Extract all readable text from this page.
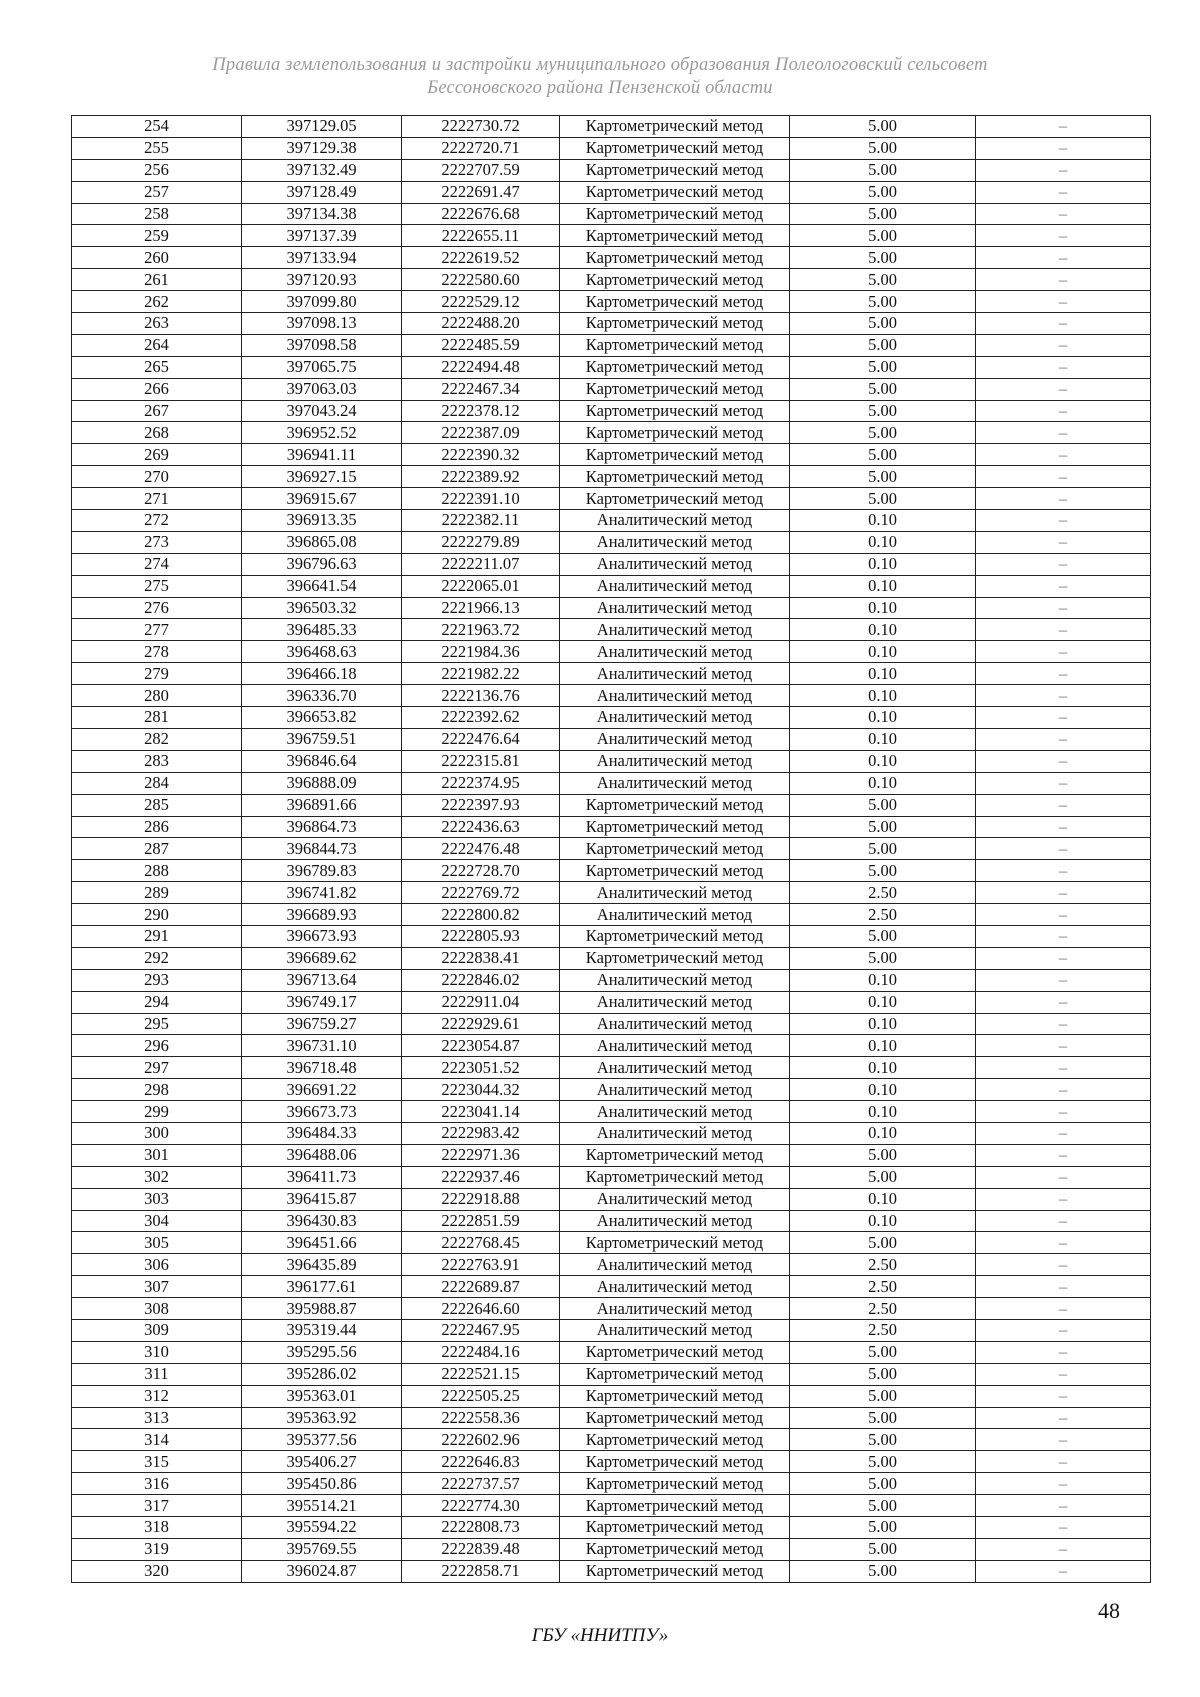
Правила землепользования и застройки муниципального образования Полеологовский сельсовет
Бессоновского района Пензенской области
254	397129.05	2222730.72	Картометрический метод	5.00	–
255	397129.38	2222720.71	Картометрический метод	5.00	–
256	397132.49	2222707.59	Картометрический метод	5.00	–
257	397128.49	2222691.47	Картометрический метод	5.00	–
258	397134.38	2222676.68	Картометрический метод	5.00	–
259	397137.39	2222655.11	Картометрический метод	5.00	–
260	397133.94	2222619.52	Картометрический метод	5.00	–
261	397120.93	2222580.60	Картометрический метод	5.00	–
262	397099.80	2222529.12	Картометрический метод	5.00	–
263	397098.13	2222488.20	Картометрический метод	5.00	–
264	397098.58	2222485.59	Картометрический метод	5.00	–
265	397065.75	2222494.48	Картометрический метод	5.00	–
266	397063.03	2222467.34	Картометрический метод	5.00	–
267	397043.24	2222378.12	Картометрический метод	5.00	–
268	396952.52	2222387.09	Картометрический метод	5.00	–
269	396941.11	2222390.32	Картометрический метод	5.00	–
270	396927.15	2222389.92	Картометрический метод	5.00	–
271	396915.67	2222391.10	Картометрический метод	5.00	–
272	396913.35	2222382.11	Аналитический метод	0.10	–
273	396865.08	2222279.89	Аналитический метод	0.10	–
274	396796.63	2222211.07	Аналитический метод	0.10	–
275	396641.54	2222065.01	Аналитический метод	0.10	–
276	396503.32	2221966.13	Аналитический метод	0.10	–
277	396485.33	2221963.72	Аналитический метод	0.10	–
278	396468.63	2221984.36	Аналитический метод	0.10	–
279	396466.18	2221982.22	Аналитический метод	0.10	–
280	396336.70	2222136.76	Аналитический метод	0.10	–
281	396653.82	2222392.62	Аналитический метод	0.10	–
282	396759.51	2222476.64	Аналитический метод	0.10	–
283	396846.64	2222315.81	Аналитический метод	0.10	–
284	396888.09	2222374.95	Аналитический метод	0.10	–
285	396891.66	2222397.93	Картометрический метод	5.00	–
286	396864.73	2222436.63	Картометрический метод	5.00	–
287	396844.73	2222476.48	Картометрический метод	5.00	–
288	396789.83	2222728.70	Картометрический метод	5.00	–
289	396741.82	2222769.72	Аналитический метод	2.50	–
290	396689.93	2222800.82	Аналитический метод	2.50	–
291	396673.93	2222805.93	Картометрический метод	5.00	–
292	396689.62	2222838.41	Картометрический метод	5.00	–
293	396713.64	2222846.02	Аналитический метод	0.10	–
294	396749.17	2222911.04	Аналитический метод	0.10	–
295	396759.27	2222929.61	Аналитический метод	0.10	–
296	396731.10	2223054.87	Аналитический метод	0.10	–
297	396718.48	2223051.52	Аналитический метод	0.10	–
298	396691.22	2223044.32	Аналитический метод	0.10	–
299	396673.73	2223041.14	Аналитический метод	0.10	–
300	396484.33	2222983.42	Аналитический метод	0.10	–
301	396488.06	2222971.36	Картометрический метод	5.00	–
302	396411.73	2222937.46	Картометрический метод	5.00	–
303	396415.87	2222918.88	Аналитический метод	0.10	–
304	396430.83	2222851.59	Аналитический метод	0.10	–
305	396451.66	2222768.45	Картометрический метод	5.00	–
306	396435.89	2222763.91	Аналитический метод	2.50	–
307	396177.61	2222689.87	Аналитический метод	2.50	–
308	395988.87	2222646.60	Аналитический метод	2.50	–
309	395319.44	2222467.95	Аналитический метод	2.50	–
310	395295.56	2222484.16	Картометрический метод	5.00	–
311	395286.02	2222521.15	Картометрический метод	5.00	–
312	395363.01	2222505.25	Картометрический метод	5.00	–
313	395363.92	2222558.36	Картометрический метод	5.00	–
314	395377.56	2222602.96	Картометрический метод	5.00	–
315	395406.27	2222646.83	Картометрический метод	5.00	–
316	395450.86	2222737.57	Картометрический метод	5.00	–
317	395514.21	2222774.30	Картометрический метод	5.00	–
318	395594.22	2222808.73	Картометрический метод	5.00	–
319	395769.55	2222839.48	Картометрический метод	5.00	–
320	396024.87	2222858.71	Картометрический метод	5.00	–
48
ГБУ «ННИТПУ»
